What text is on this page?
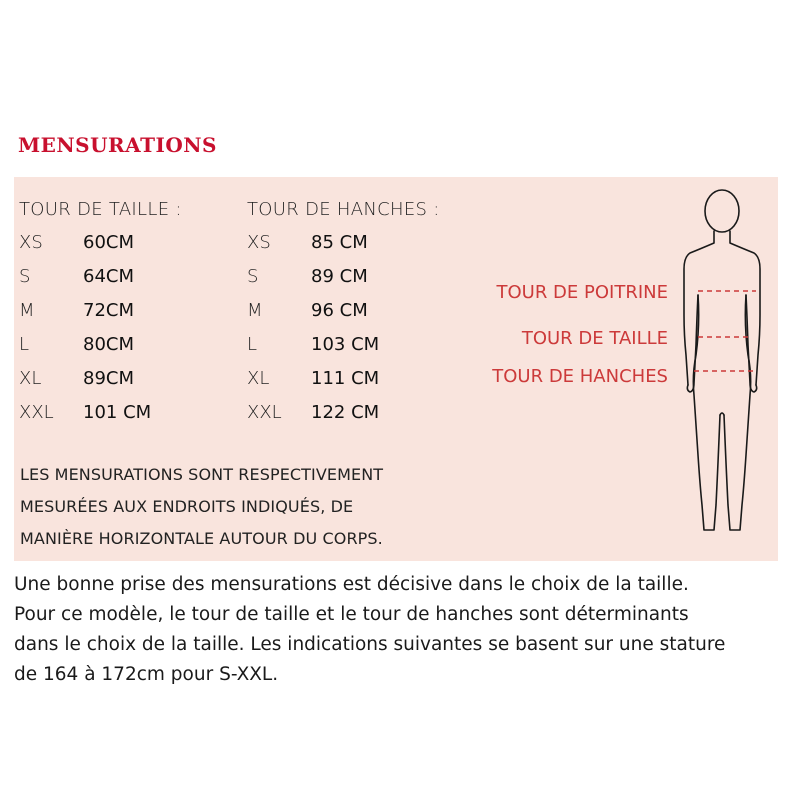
MENSURATIONS
TOUR DE TAILLE :
XS 60CM
S	64CM
M	72CM
L	80CM
XL 89CM
XXL 101 CM
TOUR DE HANCHES :
XS 85 CM
S	89 CM
M	96 CM
L	103 CM
XL 111 CM
XXL 122 CM
LES MENSURATIONS SONT RESPECTIVEMENT
MESURÉES AUX ENDROITS INDIQUÉS, DE
MANIÈRE HORIZONTALE AUTOUR DU CORPS.
TOUR DE POITRINE
TOUR DE TAILLE
TOUR DE HANCHES
Une bonne prise des mensurations est décisive dans le choix de la taille.
Pour ce modèle, le tour de taille et le tour de hanches sont déterminants
dans le choix de la taille. Les indications suivantes se basent sur une stature
de 164 à 172cm pour S-XXL.
